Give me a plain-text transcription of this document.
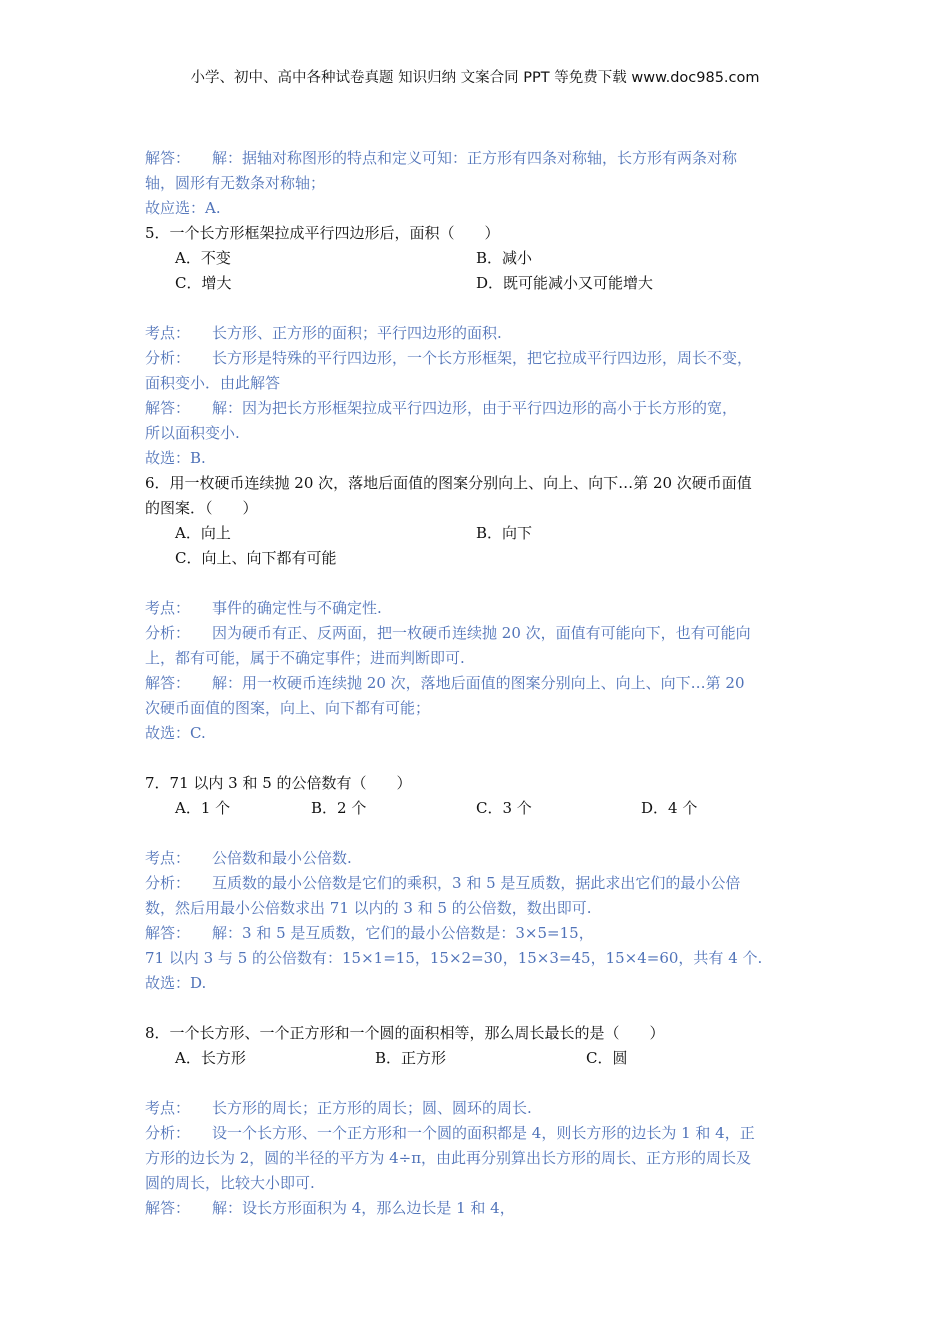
小学、初中、高中各种试卷真题 知识归纳 文案合同 PPT 等免费下载 www.doc985.com
解答： 解：据轴对称图形的特点和定义可知：正方形有四条对称轴，长方形有两条对称
轴，圆形有无数条对称轴；
故应选：A.
5．一个长方形框架拉成平行四边形后，面积（　　）
A．不变	B．减小
C．增大	D．既可能减小又可能增大
考点： 长方形、正方形的面积；平行四边形的面积.
分析： 长方形是特殊的平行四边形，一个长方形框架，把它拉成平行四边形，周长不变，
面积变小．由此解答
解答： 解：因为把长方形框架拉成平行四边形，由于平行四边形的高小于长方形的宽，
所以面积变小.
故选：B.
6．用一枚硬币连续抛 20 次，落地后面值的图案分别向上、向上、向下…第 20 次硬币面值
的图案．（　　）
A．向上	B．向下
C．向上、向下都有可能
考点： 事件的确定性与不确定性.
分析： 因为硬币有正、反两面，把一枚硬币连续抛 20 次，面值有可能向下，也有可能向
上，都有可能，属于不确定事件；进而判断即可.
解答： 解：用一枚硬币连续抛 20 次，落地后面值的图案分别向上、向上、向下…第 20
次硬币面值的图案，向上、向下都有可能；
故选：C.
7．71 以内 3 和 5 的公倍数有（　　）
A．1 个	B．2 个	C．3 个	D．4 个
考点： 公倍数和最小公倍数.
分析： 互质数的最小公倍数是它们的乘积，3 和 5 是互质数，据此求出它们的最小公倍
数，然后用最小公倍数求出 71 以内的 3 和 5 的公倍数，数出即可.
解答： 解：3 和 5 是互质数，它们的最小公倍数是：3×5=15，
71 以内 3 与 5 的公倍数有：15×1=15，15×2=30，15×3=45，15×4=60，共有 4 个.
故选：D.
8．一个长方形、一个正方形和一个圆的面积相等，那么周长最长的是（　　）
A．长方形	B．正方形	C．圆
考点： 长方形的周长；正方形的周长；圆、圆环的周长.
分析： 设一个长方形、一个正方形和一个圆的面积都是 4，则长方形的边长为 1 和 4，正
方形的边长为 2，圆的半径的平方为 4÷π，由此再分别算出长方形的周长、正方形的周长及
圆的周长，比较大小即可.
解答： 解：设长方形面积为 4，那么边长是 1 和 4，
